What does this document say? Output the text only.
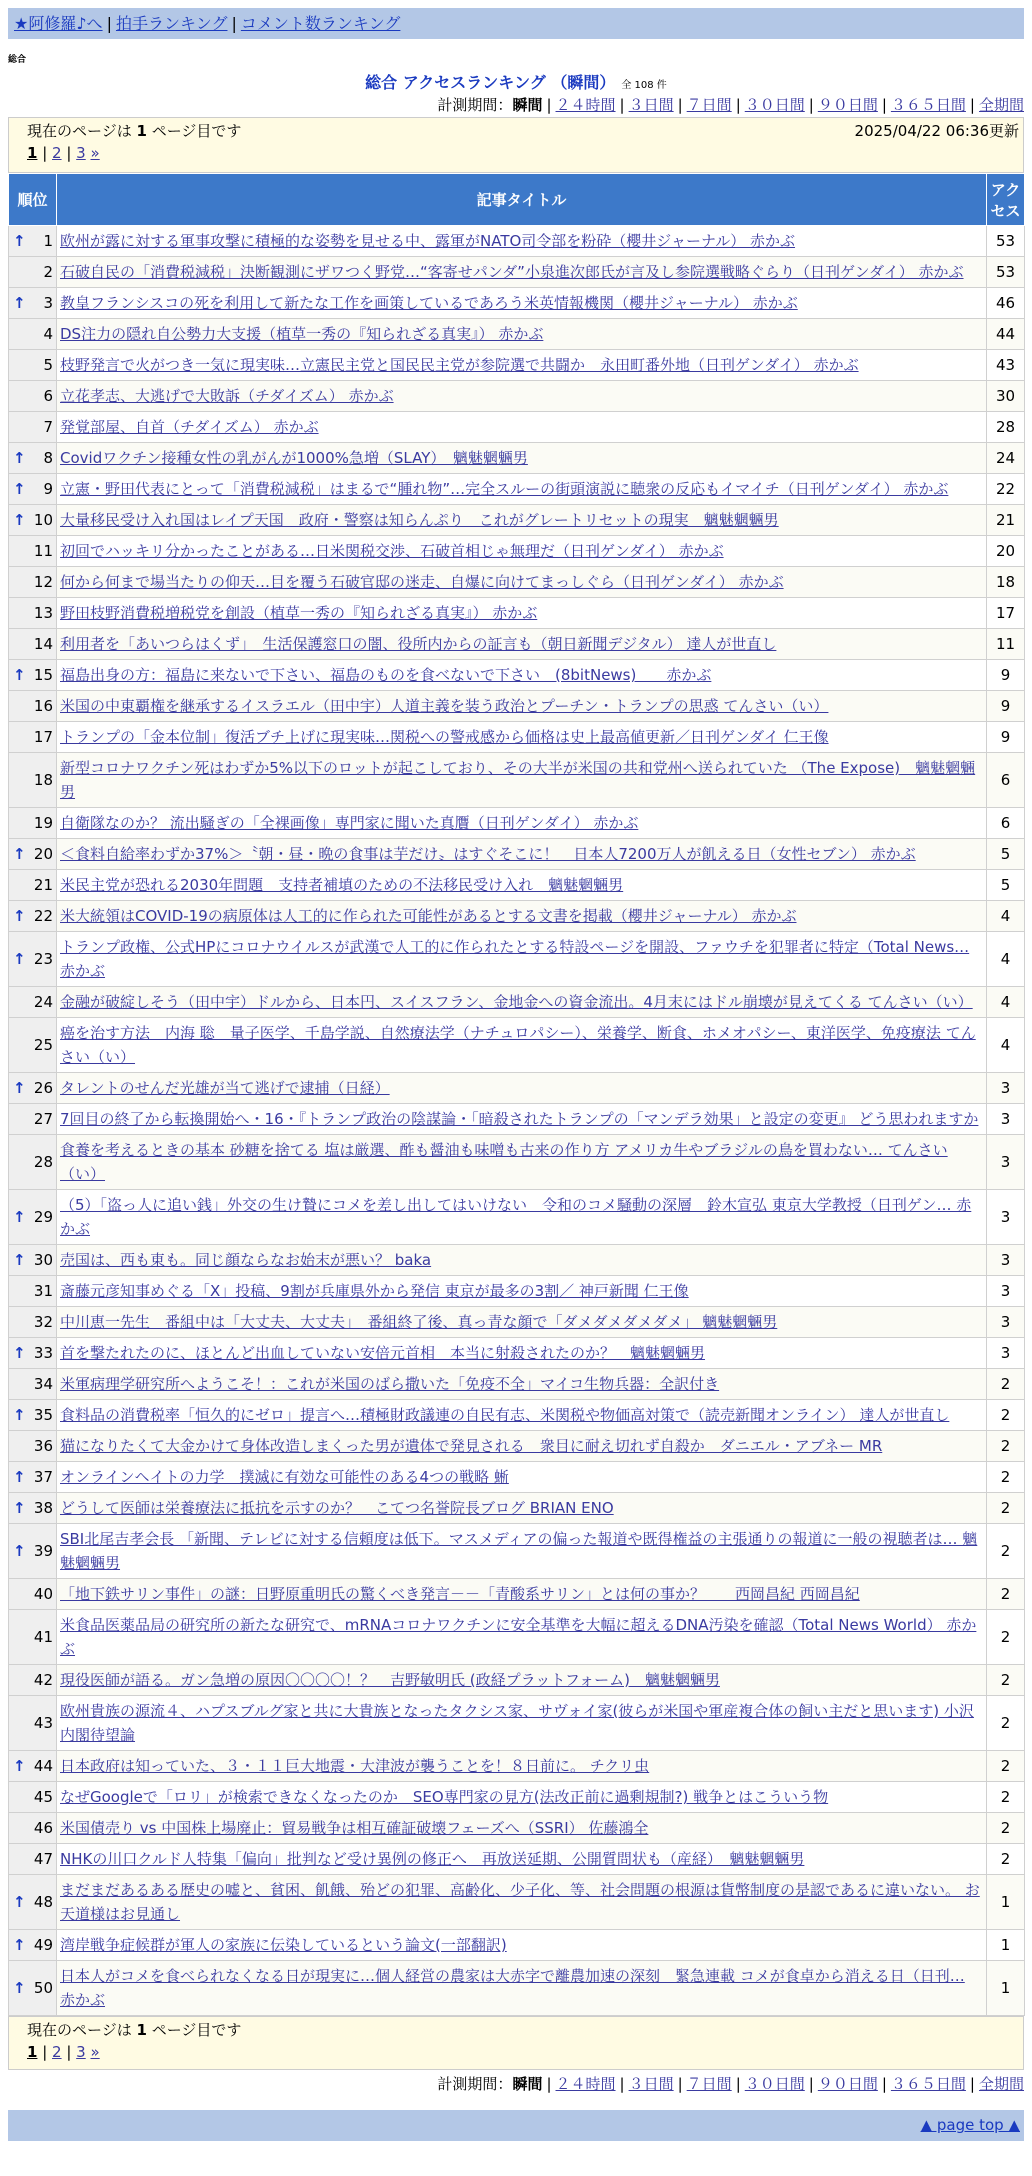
★阿修羅♪へ | 拍手ランキング | コメント数ランキング
総合
総合 アクセスランキング （瞬間） 全 108 件
計測期間：瞬間 | ２４時間 | ３日間 | ７日間 | ３０日間 | ９０日間 | ３６５日間 | 全期間
現在のページは 1 ページ目です	2025/04/22 06:36更新
1 | 2 | 3 »
順位	記事タイトル	アクセス

↑ 1	欧州が露に対する軍事攻撃に積極的な姿勢を見せる中、露軍がNATO司令部を粉砕（櫻井ジャーナル） 赤かぶ	53
2	石破自民の「消費税減税」決断観測にザワつく野党…“客寄せパンダ”小泉進次郎氏が言及し参院選戦略ぐらり（日刊ゲンダイ） 赤かぶ	53

↑ 3	教皇フランシスコの死を利用して新たな工作を画策しているであろう米英情報機関（櫻井ジャーナル） 赤かぶ	46
4	DS注力の隠れ自公勢力大支援（植草一秀の『知られざる真実』） 赤かぶ	44
5	枝野発言で火がつき一気に現実味…立憲民主党と国民民主党が参院選で共闘か　永田町番外地（日刊ゲンダイ） 赤かぶ	43
6	立花孝志、大逃げで大敗訴（チダイズム） 赤かぶ	30
7	発覚部屋、自首（チダイズム） 赤かぶ	28

↑ 8	Covidワクチン接種女性の乳がんが1000%急増（SLAY）　魑魅魍魎男	24

↑ 9	立憲・野田代表にとって「消費税減税」はまるで“腫れ物”…完全スルーの街頭演説に聴衆の反応もイマイチ（日刊ゲンダイ） 赤かぶ	22

↑ 10	大量移民受け入れ国はレイプ天国　政府・警察は知らんぷり　これがグレートリセットの現実　魑魅魍魎男	21
11	初回でハッキリ分かったことがある…日米関税交渉、石破首相じゃ無理だ（日刊ゲンダイ） 赤かぶ	20
12	何から何まで場当たりの仰天…目を覆う石破官邸の迷走、自爆に向けてまっしぐら（日刊ゲンダイ） 赤かぶ	18
13	野田枝野消費税増税党を創設（植草一秀の『知られざる真実』） 赤かぶ	17
14	利用者を「あいつらはくず」　生活保護窓口の闇、役所内からの証言も（朝日新聞デジタル） 達人が世直し	11

↑ 15	福島出身の方：福島に来ないで下さい、福島のものを食べないで下さい　(8bitNews)　　赤かぶ	9
16	米国の中東覇権を継承するイスラエル（田中宇）人道主義を装う政治とプーチン・トランプの思惑 てんさい（い）	9
17	トランプの「金本位制」復活ブチ上げに現実味…関税への警戒感から価格は史上最高値更新／日刊ゲンダイ 仁王像	9
18	新型コロナワクチン死はわずか5%以下のロットが起こしており、その大半が米国の共和党州へ送られていた （The Expose)　魑魅魍魎男	6
19	自衛隊なのか？ 流出騒ぎの「全裸画像」専門家に聞いた真贋（日刊ゲンダイ） 赤かぶ	6

↑ 20	＜食料自給率わずか37%＞〝朝・昼・晩の食事は芋だけ〟はすぐそこに！　日本人7200万人が飢える日（女性セブン） 赤かぶ	5
21	米民主党が恐れる2030年問題　支持者補填のための不法移民受け入れ　魑魅魍魎男	5

↑ 22	米大統領はCOVID-19の病原体は人工的に作られた可能性があるとする文書を掲載（櫻井ジャーナル） 赤かぶ	4

↑ 23	トランプ政権、公式HPにコロナウイルスが武漢で人工的に作られたとする特設ページを開設、ファウチを犯罪者に特定（Total News… 赤かぶ	4
24	金融が破綻しそう（田中宇）ドルから、日本円、スイスフラン、金地金への資金流出。4月末にはドル崩壊が見えてくる てんさい（い）	4
25	癌を治す方法　内海 聡　量子医学、千島学説、自然療法学（ナチュロパシー）、栄養学、断食、ホメオパシー、東洋医学、免疫療法 てんさい（い）	4

↑ 26	タレントのせんだ光雄が当て逃げで逮捕（日経）	3
27	7回目の終了から転換開始へ・16・『トランプ政治の陰謀論・「暗殺されたトランプの「マンデラ効果」と設定の変更』 どう思われますか	3
28	食養を考えるときの基本 砂糖を捨てる 塩は厳選、酢も醤油も味噌も古来の作り方 アメリカ牛やブラジルの鳥を買わない… てんさい（い）	3

↑ 29	（5）「盗っ人に追い銭」外交の生け贄にコメを差し出してはいけない　令和のコメ騒動の深層　鈴木宣弘 東京大学教授（日刊ゲン… 赤かぶ	3

↑ 30	売国は、西も東も。同じ顔ならなお始末が悪い？ baka	3
31	斎藤元彦知事めぐる「X」投稿、9割が兵庫県外から発信 東京が最多の3割／ 神戸新聞 仁王像	3
32	中川恵一先生　番組中は「大丈夫、大丈夫」　番組終了後、真っ青な顔で「ダメダメダメダメ」 魑魅魍魎男	3

↑ 33	首を撃たれたのに、ほとんど出血していない安倍元首相　本当に射殺されたのか？　魑魅魍魎男	3
34	米軍病理学研究所へようこそ！：これが米国のばら撒いた「免疫不全」マイコ生物兵器：全訳付き	2

↑ 35	食料品の消費税率「恒久的にゼロ」提言へ…積極財政議連の自民有志、米関税や物価高対策で（読売新聞オンライン） 達人が世直し	2
36	猫になりたくて大金かけて身体改造しまくった男が遺体で発見される　衆目に耐え切れず自殺か　ダニエル・アブネー MR	2

↑ 37	オンラインヘイトの力学　撲滅に有効な可能性のある4つの戦略 蜥	2

↑ 38	どうして医師は栄養療法に抵抗を示すのか？　こてつ名誉院長ブログ BRIAN ENO	2

↑ 39	SBI北尾吉孝会長 「新聞、テレビに対する信頼度は低下。マスメディアの偏った報道や既得権益の主張通りの報道に一般の視聴者は… 魑魅魍魎男	2
40	「地下鉄サリン事件」の謎：日野原重明氏の驚くべき発言－－「青酸系サリン」とは何の事か？　　西岡昌紀 西岡昌紀	2
41	米食品医薬品局の研究所の新たな研究で、mRNAコロナワクチンに安全基準を大幅に超えるDNA汚染を確認（Total News World） 赤かぶ	2
42	現役医師が語る。ガン急増の原因〇〇〇〇！？　吉野敏明氏 (政経プラットフォーム)　魑魅魍魎男	2
43	欧州貴族の源流４、ハプスブルグ家と共に大貴族となったタクシス家、サヴォイ家(彼らが米国や軍産複合体の飼い主だと思います) 小沢内閣待望論	2

↑ 44	日本政府は知っていた、３・１１巨大地震・大津波が襲うことを！８日前に。 チクリ虫	2
45	なぜGoogleで「ロリ」が検索できなくなったのか　SEO専門家の見方(法改正前に過剰規制?) 戦争とはこういう物	2
46	米国債売り vs 中国株上場廃止：貿易戦争は相互確証破壊フェーズへ（SSRI） 佐藤鴻全	2
47	NHKの川口クルド人特集「偏向」批判など受け異例の修正へ　再放送延期、公開質問状も（産経）　魑魅魍魎男	2

↑ 48	まだまだあるある歴史の嘘と、貧困、飢餓、殆どの犯罪、高齢化、少子化、等、社会問題の根源は貨幣制度の是認であるに違いない。 お天道様はお見通し	1

↑ 49	湾岸戦争症候群が軍人の家族に伝染しているという論文(一部翻訳)	1

↑ 50	日本人がコメを食べられなくなる日が現実に…個人経営の農家は大赤字で離農加速の深刻　緊急連載 コメが食卓から消える日（日刊… 赤かぶ	1
現在のページは 1 ページ目です
1 | 2 | 3 »
計測期間：瞬間 | ２４時間 | ３日間 | ７日間 | ３０日間 | ９０日間 | ３６５日間 | 全期間
▲ page top ▲
